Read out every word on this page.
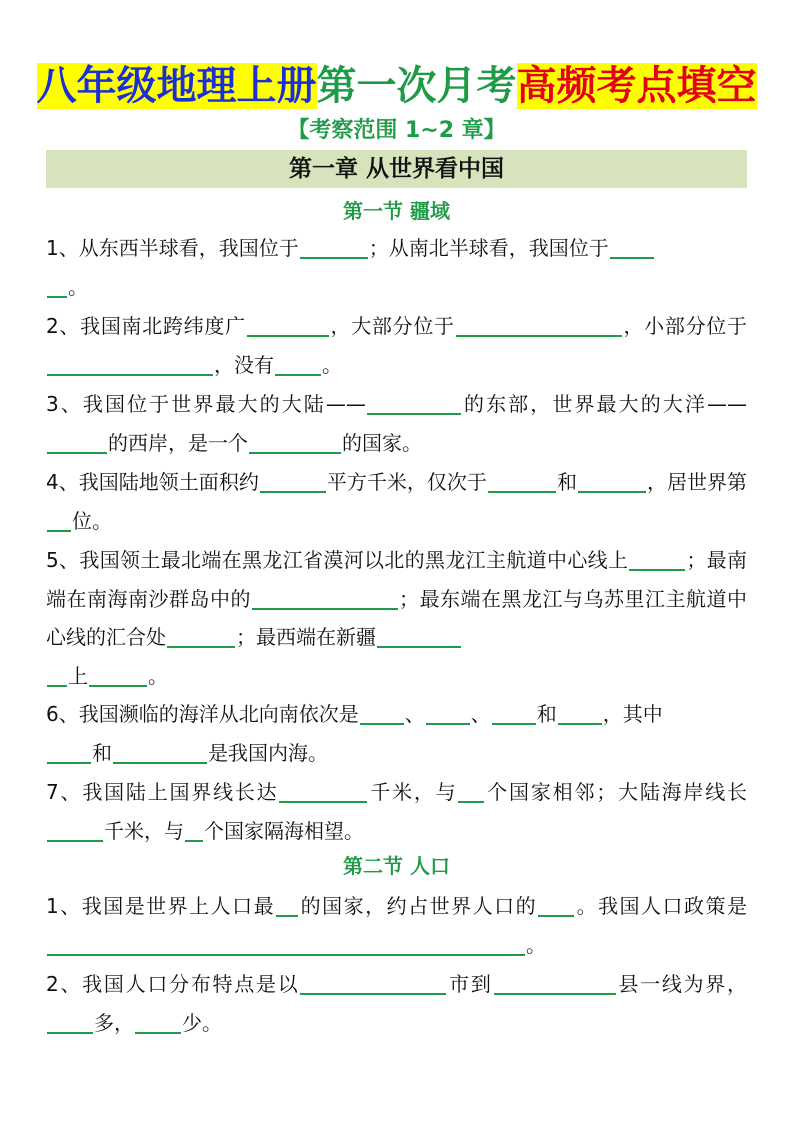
八年级地理上册第一次月考高频考点填空
【考察范围 1~2 章】
第一章 从世界看中国
第一节 疆域
1、从东西半球看，我国位于	；从南北半球看，我国位于
。
2、我国南北跨纬度广	，大部分位于	，小部分位于，没有 。
3、我国位于世界最大的大陆——	的东部，世界最大的大洋——的西岸，是一个	的国家。
4、我国陆地领土面积约	平方千米，仅次于	和	，居世界第位。
5、我国领土最北端在黑龙江省漠河以北的黑龙江主航道中心线上	；最南端在南海南沙群岛中的	；最东端在黑龙江与乌苏里江主航道中心线的汇合处	；最西端在新疆
上	。
6、我国濒临的海洋从北向南依次是 、 、 和 ，其中
和	是我国内海。
7、我国陆上国界线长达	千米，与 个国家相邻；大陆海岸线长千米，与 个国家隔海相望。
第二节 人口
1、我国是世界上人口最 的国家，约占世界人口的 。我国人口政策是。
2、我国人口分布特点是以	市到	县一线为界，多， 少。
